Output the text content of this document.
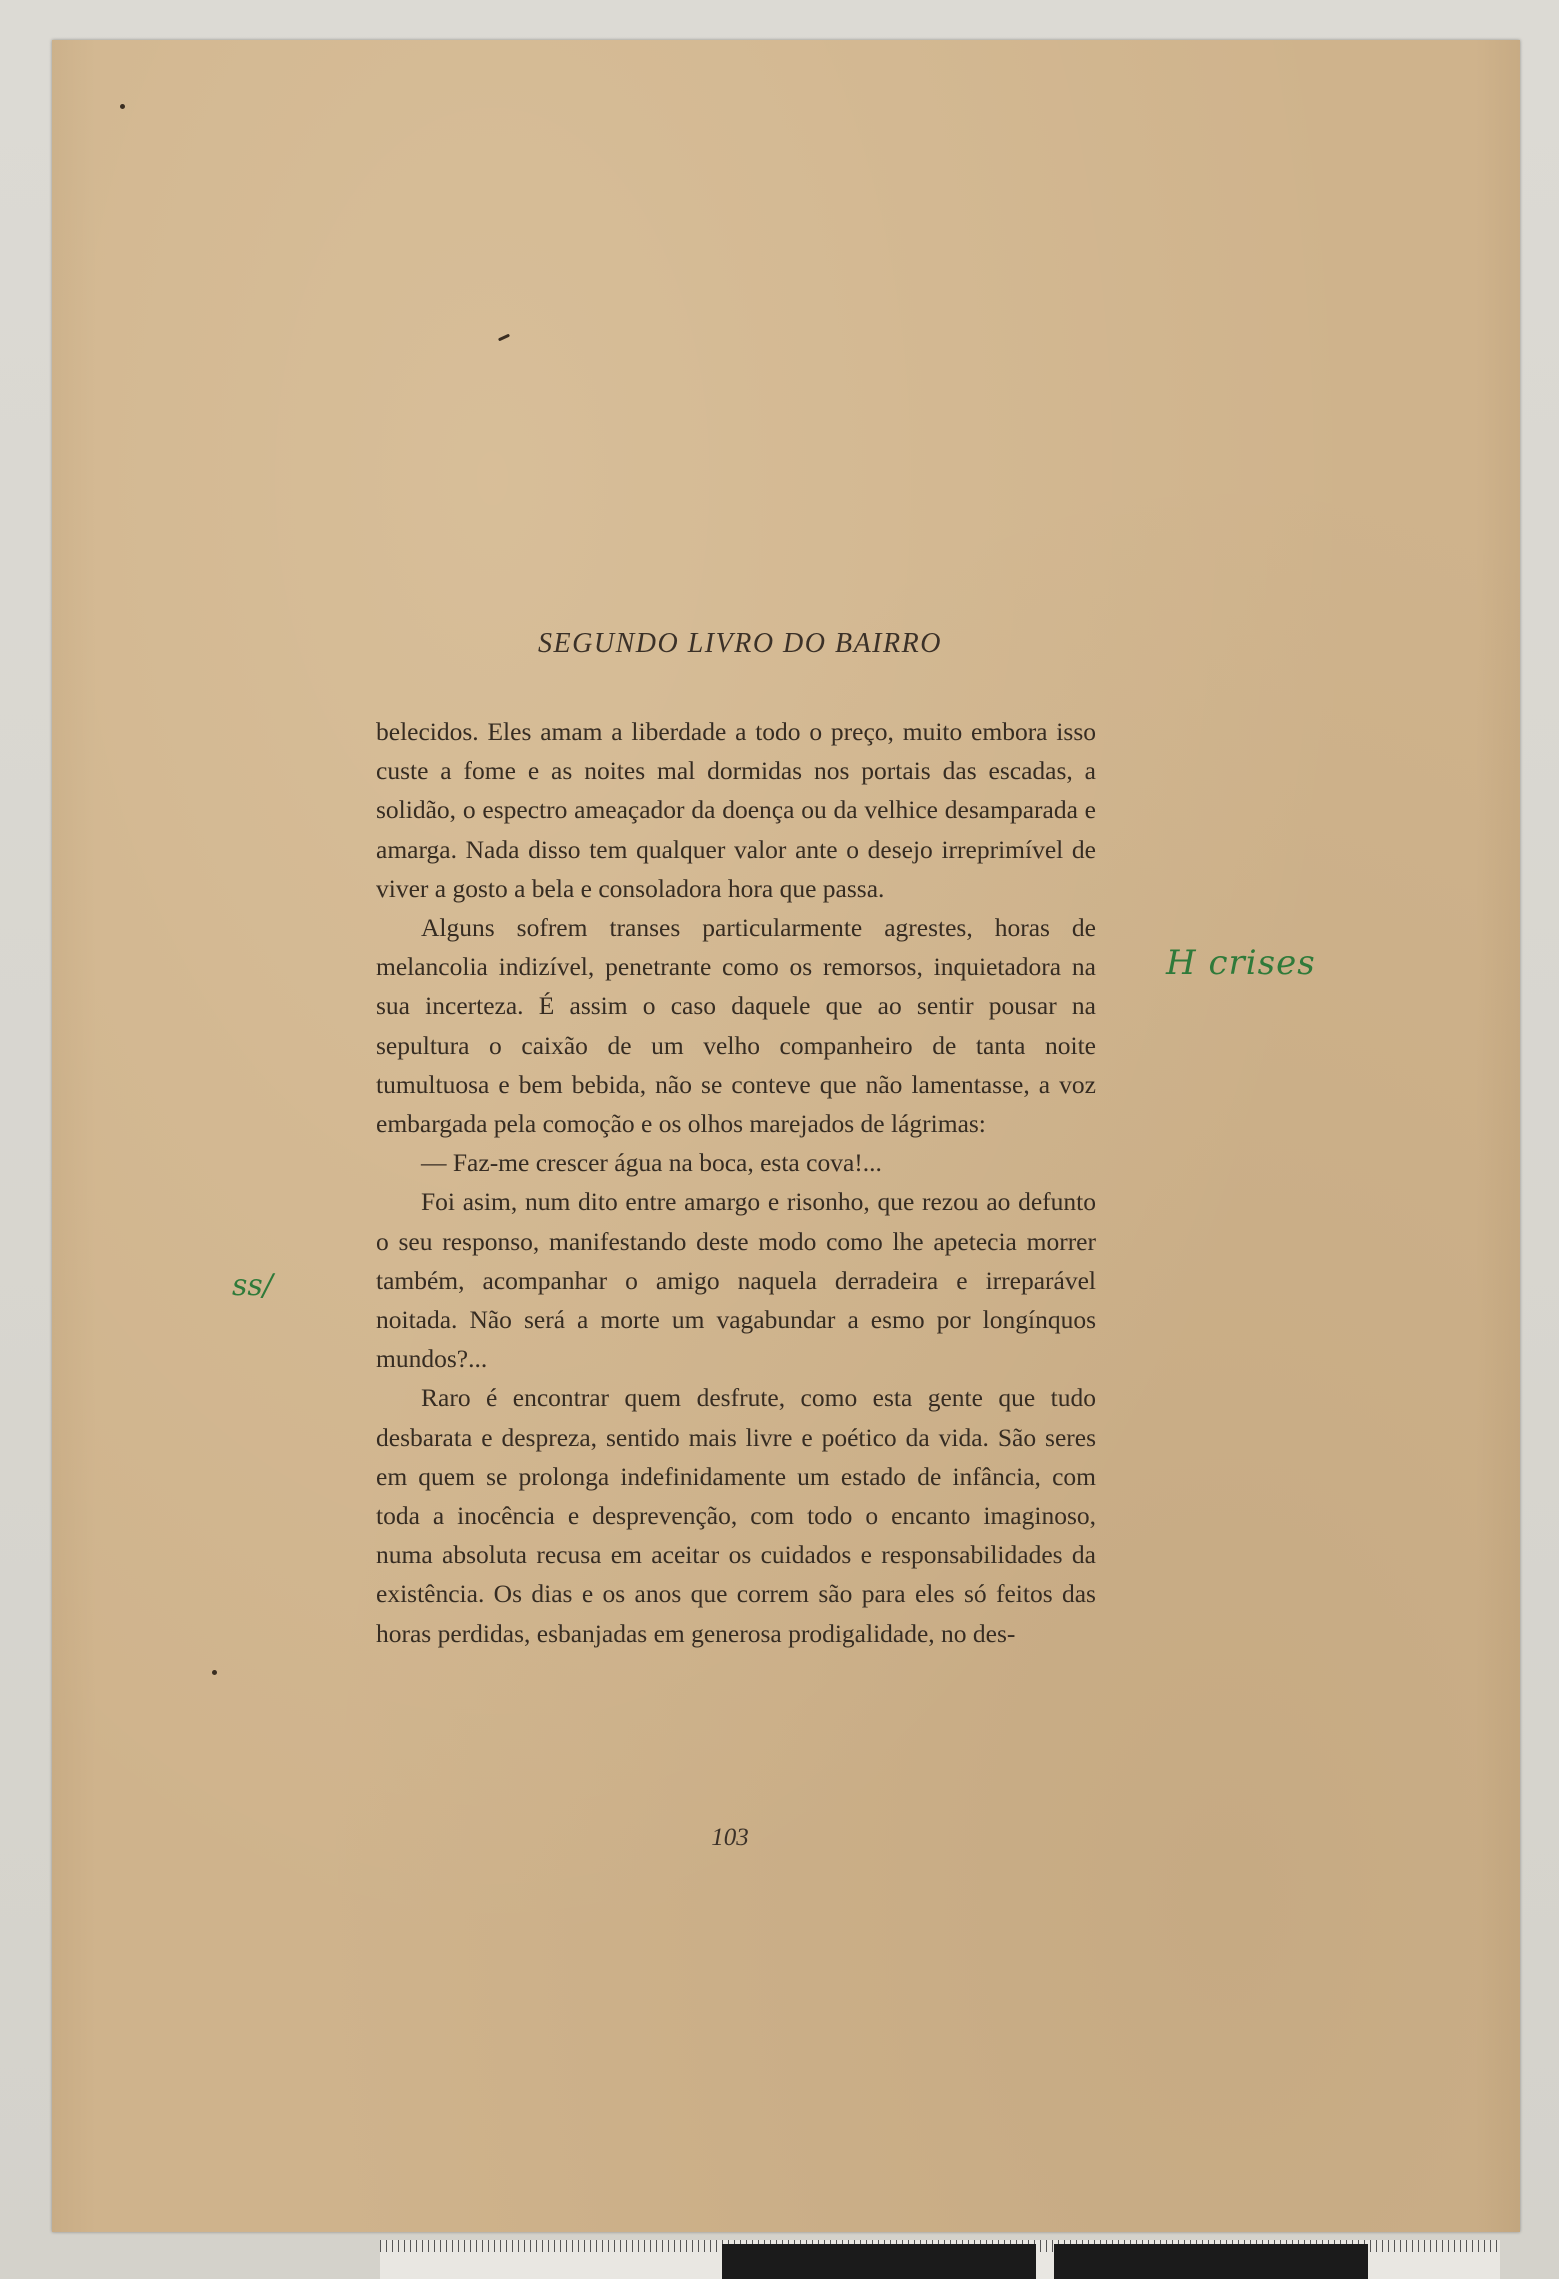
SEGUNDO LIVRO DO BAIRRO

belecidos. Eles amam a liberdade a todo o preço, muito embora isso custe a fome e as noites mal dormidas nos portais das escadas, a solidão, o espectro ameaçador da doença ou da velhice desamparada e amarga. Nada disso tem qualquer valor ante o desejo irreprimível de viver a gosto a bela e consoladora hora que passa.

Alguns sofrem transes particularmente agrestes, horas de melancolia indizível, penetrante como os remorsos, inquietadora na sua incerteza. É assim o caso daquele que ao sentir pousar na sepultura o caixão de um velho companheiro de tanta noite tumultuosa e bem bebida, não se conteve que não lamentasse, a voz embargada pela comoção e os olhos marejados de lágrimas:

— Faz-me crescer água na boca, esta cova!...

Foi asim, num dito entre amargo e risonho, que rezou ao defunto o seu responso, manifestando deste modo como lhe apetecia morrer também, acompanhar o amigo naquela derradeira e irreparável noitada. Não será a morte um vagabundar a esmo por longínquos mundos?...

Raro é encontrar quem desfrute, como esta gente que tudo desbarata e despreza, sentido mais livre e poético da vida. São seres em quem se prolonga indefinidamente um estado de infância, com toda a inocência e desprevenção, com todo o encanto imaginoso, numa absoluta recusa em aceitar os cuidados e responsabilidades da existência. Os dias e os anos que correm são para eles só feitos das horas perdidas, esbanjadas em generosa prodigalidade, no des-

H crises
ss/
103
